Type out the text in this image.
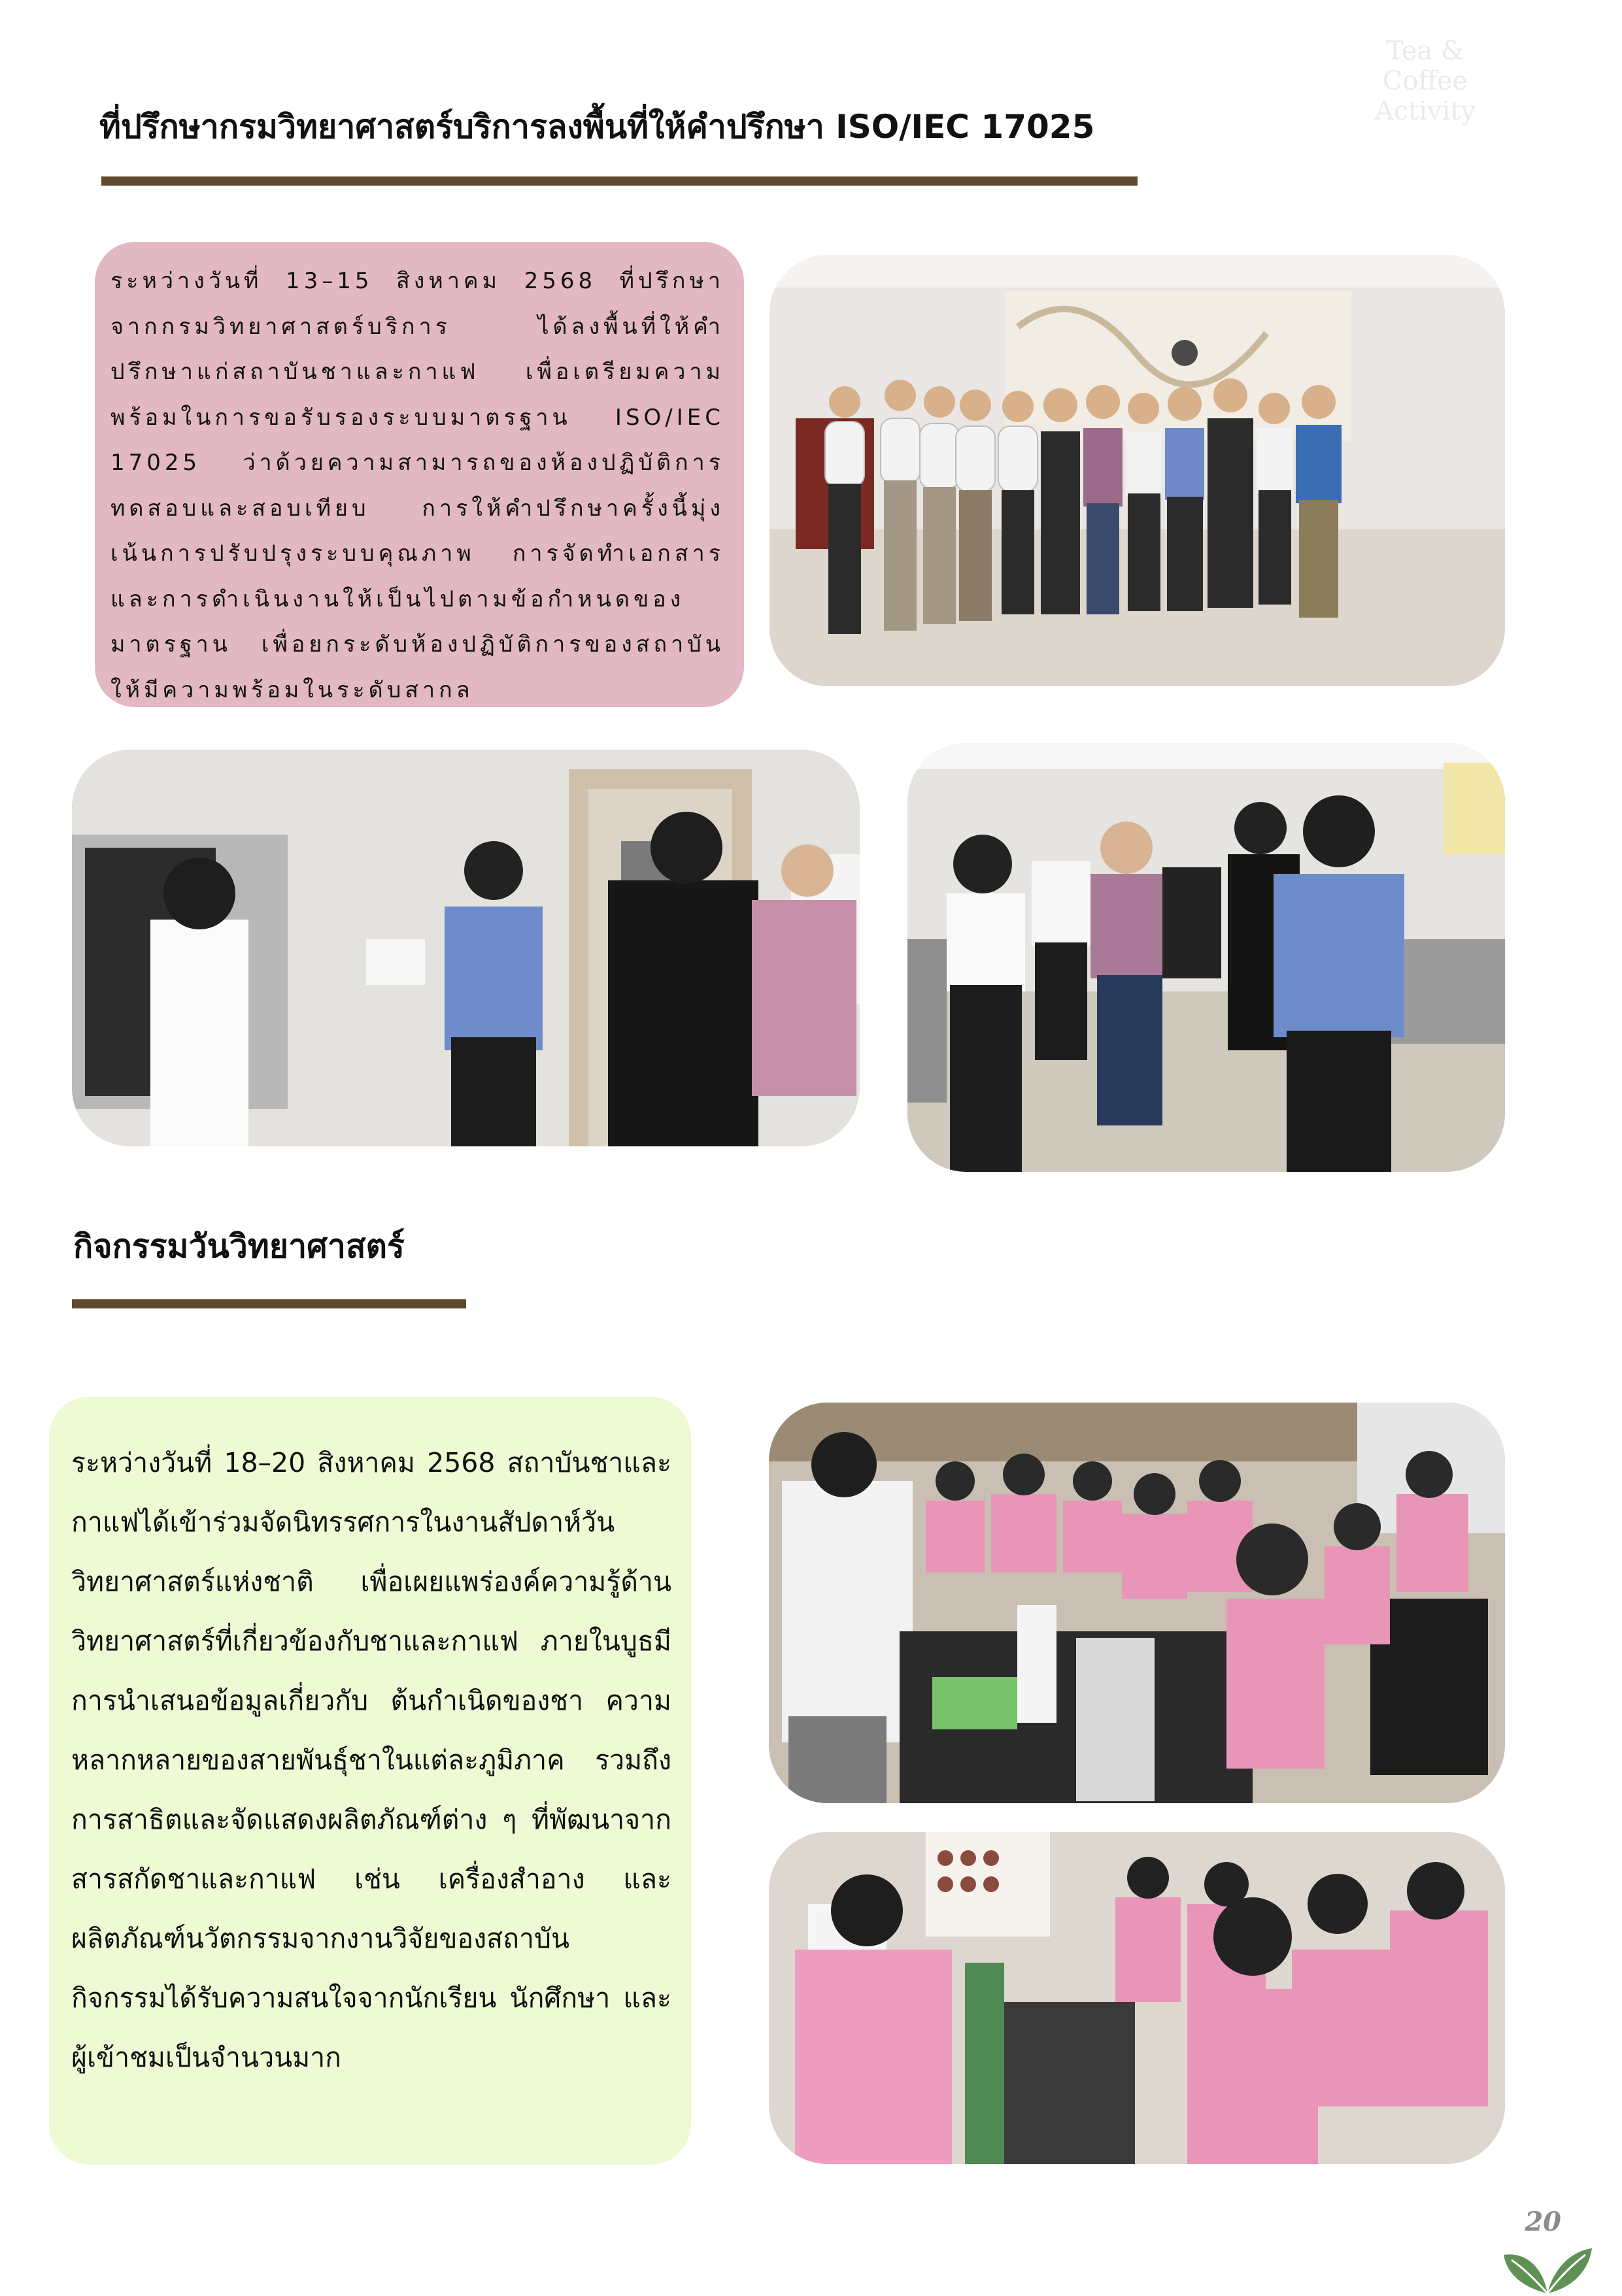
Tea & Coffee
Activity
ที่ปรึกษากรมวิทยาศาสตร์บริการลงพื้นที่ให้คำปรึกษา ISO/IEC 17025

ระหว่างวันที่ 13–15 สิงหาคม 2568 ที่ปรึกษาจากกรมวิทยาศาสตร์บริการ ได้ลงพื้นที่ให้คำปรึกษาแก่สถาบันชาและกาแฟ เพื่อเตรียมความพร้อมในการขอรับรองระบบมาตรฐาน ISO/IEC 17025 ว่าด้วยความสามารถของห้องปฏิบัติการทดสอบและสอบเทียบ การให้คำปรึกษาครั้งนี้มุ่งเน้นการปรับปรุงระบบคุณภาพ การจัดทำเอกสาร และการดำเนินงานให้เป็นไปตามข้อกำหนดของมาตรฐาน เพื่อยกระดับห้องปฏิบัติการของสถาบันให้มีความพร้อมในระดับสากล

กิจกรรมวันวิทยาศาสตร์

ระหว่างวันที่ 18–20 สิงหาคม 2568 สถาบันชาและกาแฟได้เข้าร่วมจัดนิทรรศการในงานสัปดาห์วันวิทยาศาสตร์แห่งชาติ เพื่อเผยแพร่องค์ความรู้ด้านวิทยาศาสตร์ที่เกี่ยวข้องกับชาและกาแฟ ภายในบูธมีการนำเสนอข้อมูลเกี่ยวกับ ต้นกำเนิดของชา ความหลากหลายของสายพันธุ์ชาในแต่ละภูมิภาค รวมถึงการสาธิตและจัดแสดงผลิตภัณฑ์ต่าง ๆ ที่พัฒนาจากสารสกัดชาและกาแฟ เช่น เครื่องสำอาง และผลิตภัณฑ์นวัตกรรมจากงานวิจัยของสถาบัน กิจกรรมได้รับความสนใจจากนักเรียน นักศึกษา และผู้เข้าชมเป็นจำนวนมาก

20
